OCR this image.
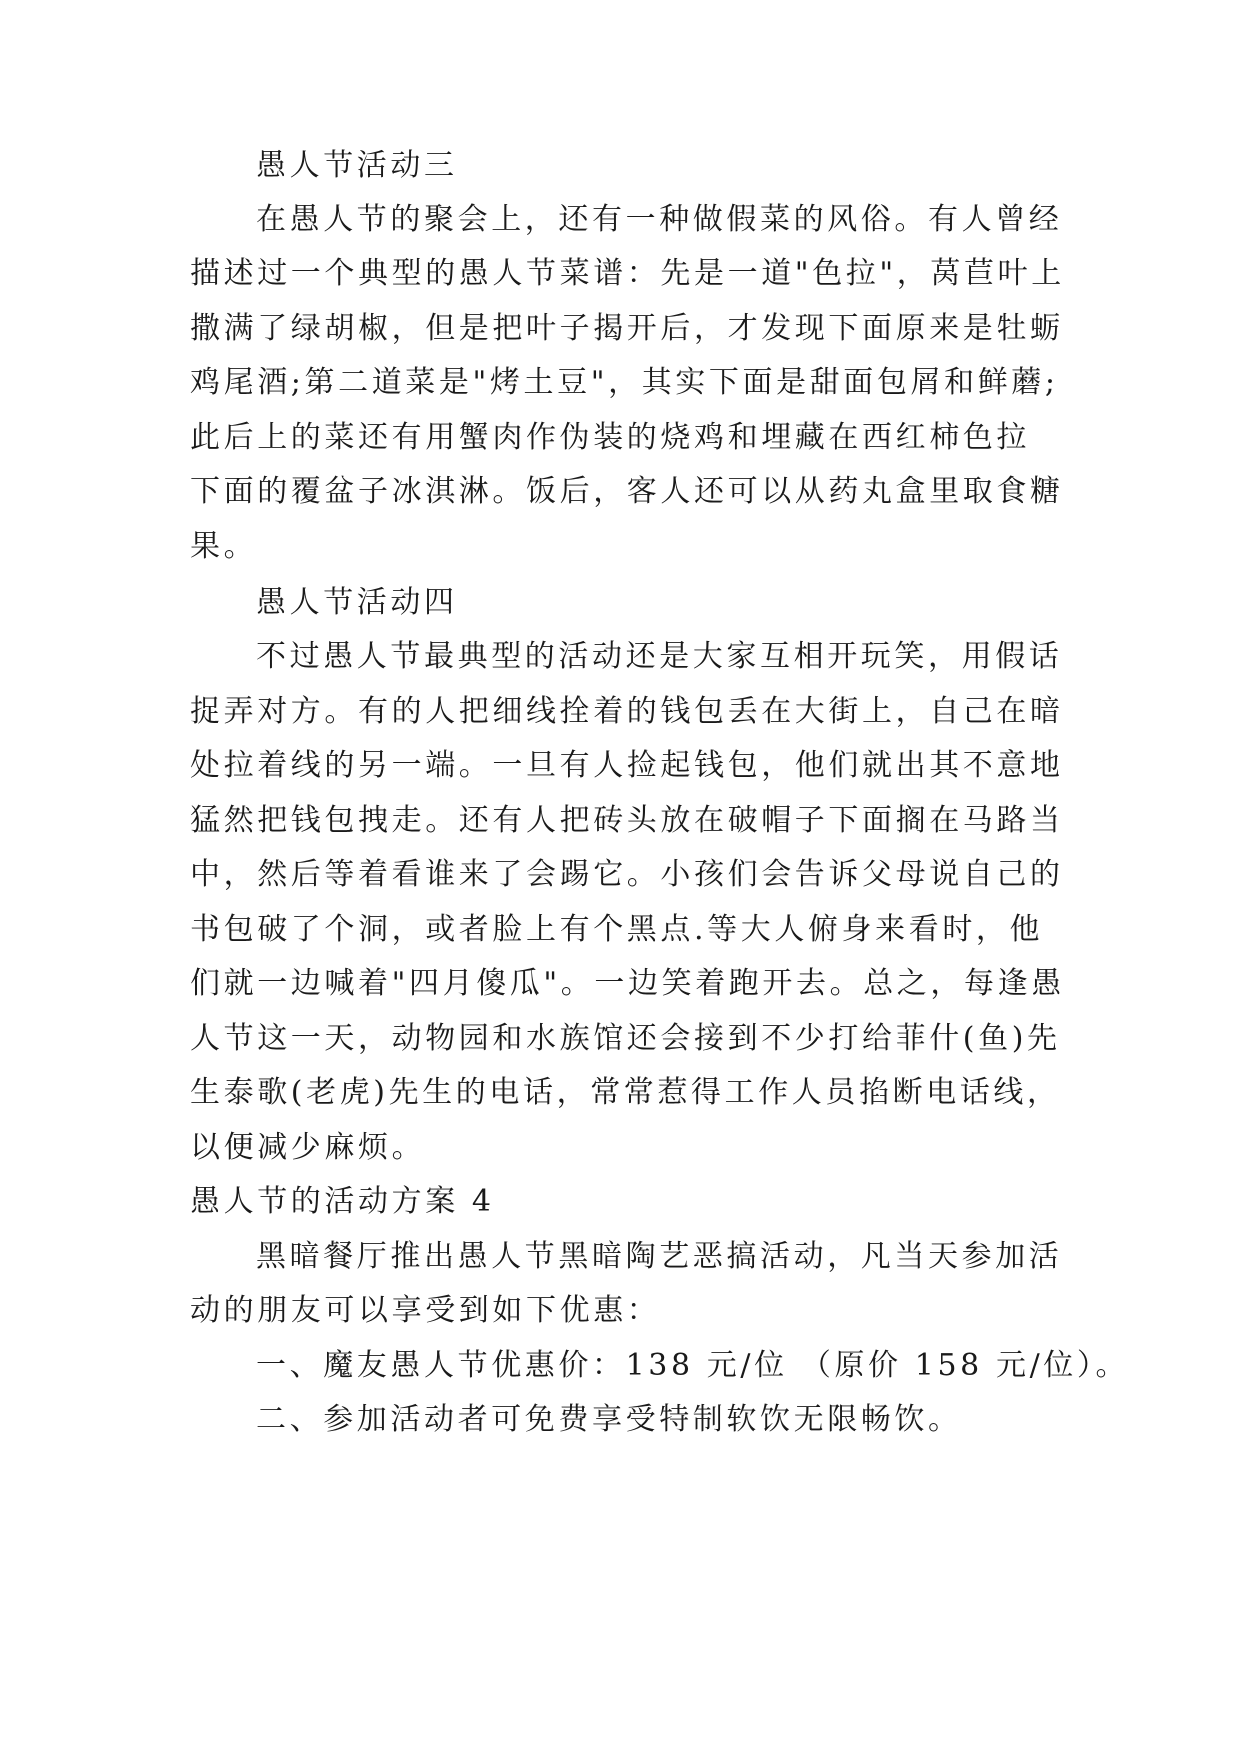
愚人节活动三
在愚人节的聚会上，还有一种做假菜的风俗。有人曾经
描述过一个典型的愚人节菜谱：先是一道"色拉"，莴苣叶上
撒满了绿胡椒，但是把叶子揭开后，才发现下面原来是牡蛎
鸡尾酒;第二道菜是"烤土豆"，其实下面是甜面包屑和鲜蘑;
此后上的菜还有用蟹肉作伪装的烧鸡和埋藏在西红柿色拉
下面的覆盆子冰淇淋。饭后，客人还可以从药丸盒里取食糖
果。
愚人节活动四
不过愚人节最典型的活动还是大家互相开玩笑，用假话
捉弄对方。有的人把细线拴着的钱包丢在大街上，自己在暗
处拉着线的另一端。一旦有人捡起钱包，他们就出其不意地
猛然把钱包拽走。还有人把砖头放在破帽子下面搁在马路当
中，然后等着看谁来了会踢它。小孩们会告诉父母说自己的
书包破了个洞，或者脸上有个黑点.等大人俯身来看时，他
们就一边喊着"四月傻瓜"。一边笑着跑开去。总之，每逢愚
人节这一天，动物园和水族馆还会接到不少打给菲什(鱼)先
生泰歌(老虎)先生的电话，常常惹得工作人员掐断电话线，
以便减少麻烦。
愚人节的活动方案 4
黑暗餐厅推出愚人节黑暗陶艺恶搞活动，凡当天参加活
动的朋友可以享受到如下优惠：
一、魔友愚人节优惠价：138 元/位 （原价 158 元/位）。
二、参加活动者可免费享受特制软饮无限畅饮。
